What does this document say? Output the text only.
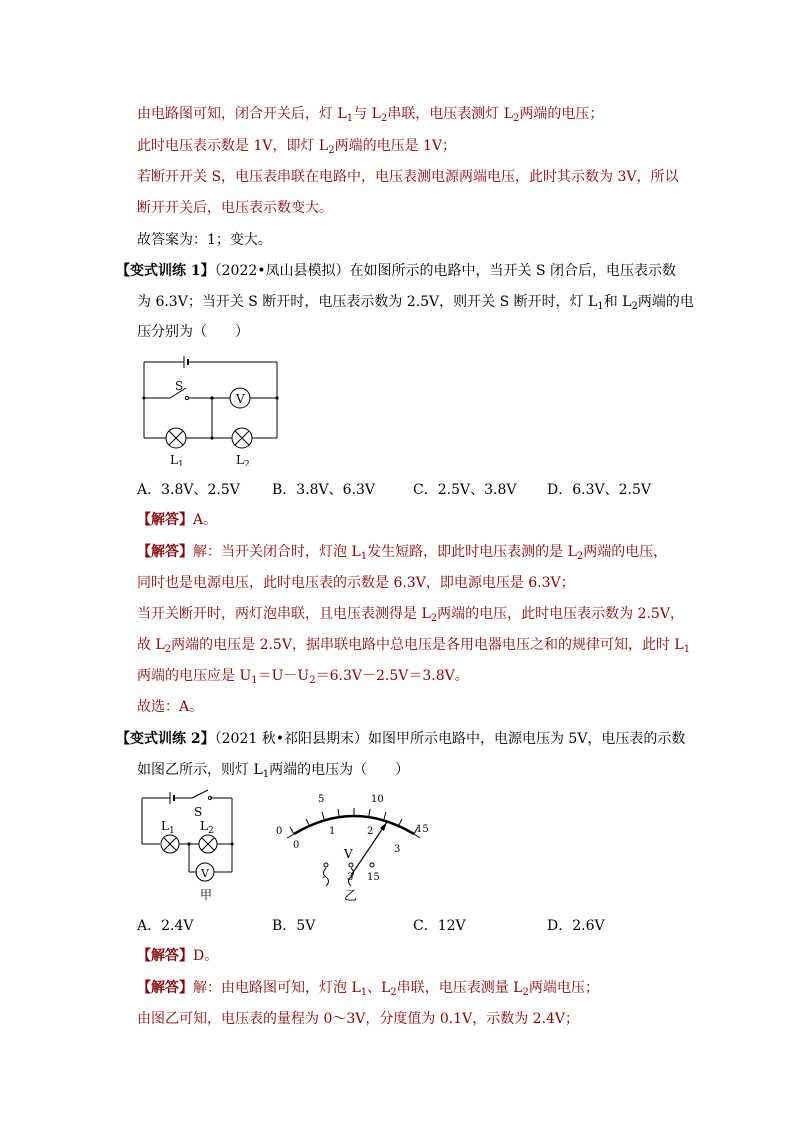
由电路图可知，闭合开关后，灯 $L_1$与 $L_2$串联，电压表测灯 $L_2$两端的电压；
此时电压表示数是 1V，即灯 $L_2$两端的电压是 1V；
若断开开关 S，电压表串联在电路中，电压表测电源两端电压，此时其示数为 3V，所以
断开开关后，电压表示数变大。
故答案为：1；变大。
【变式训练 1】（2022•凤山县模拟）在如图所示的电路中，当开关 S 闭合后，电压表示数
为 6.3V；当开关 S 断开时，电压表示数为 2.5V，则开关 S 断开时，灯 $L_1$和 $L_2$两端的电
压分别为（　　）
S
V
$L_1$	$L_2$
A．3.8V、2.5V B．3.8V、6.3V	C．2.5V、3.8V D．6.3V、2.5V
【解答】A。
【解答】解：当开关闭合时，灯泡 $L_1$发生短路，即此时电压表测的是 $L_2$两端的电压，
同时也是电源电压，此时电压表的示数是 6.3V，即电源电压是 6.3V；
当开关断开时，两灯泡串联，且电压表测得是 $L_2$两端的电压，此时电压表示数为 2.5V，
故 $L_2$两端的电压是 2.5V，据串联电路中总电压是各用电器电压之和的规律可知，此时 $L_1$
两端的电压应是 $U_1=U-U_2=6.3V-2.5V=3.8V$。
故选：A。
【变式训练 2】（2021 秋•祁阳县期末）如图甲所示电路中，电源电压为 5V，电压表的示数
如图乙所示，则灯 $L_1$两端的电压为（　　）
S
$L_1$ $L_2$
V
甲
5	10
15
0
0
1	2
3
V
- 3 15
乙
A．2.4V	B．5V	C．12V	D．2.6V
【解答】D。
【解答】解：由电路图可知，灯泡 $L_1$、$L_2$串联，电压表测量 $L_2$两端电压；
由图乙可知，电压表的量程为 0～3V，分度值为 0.1V，示数为 2.4V；
